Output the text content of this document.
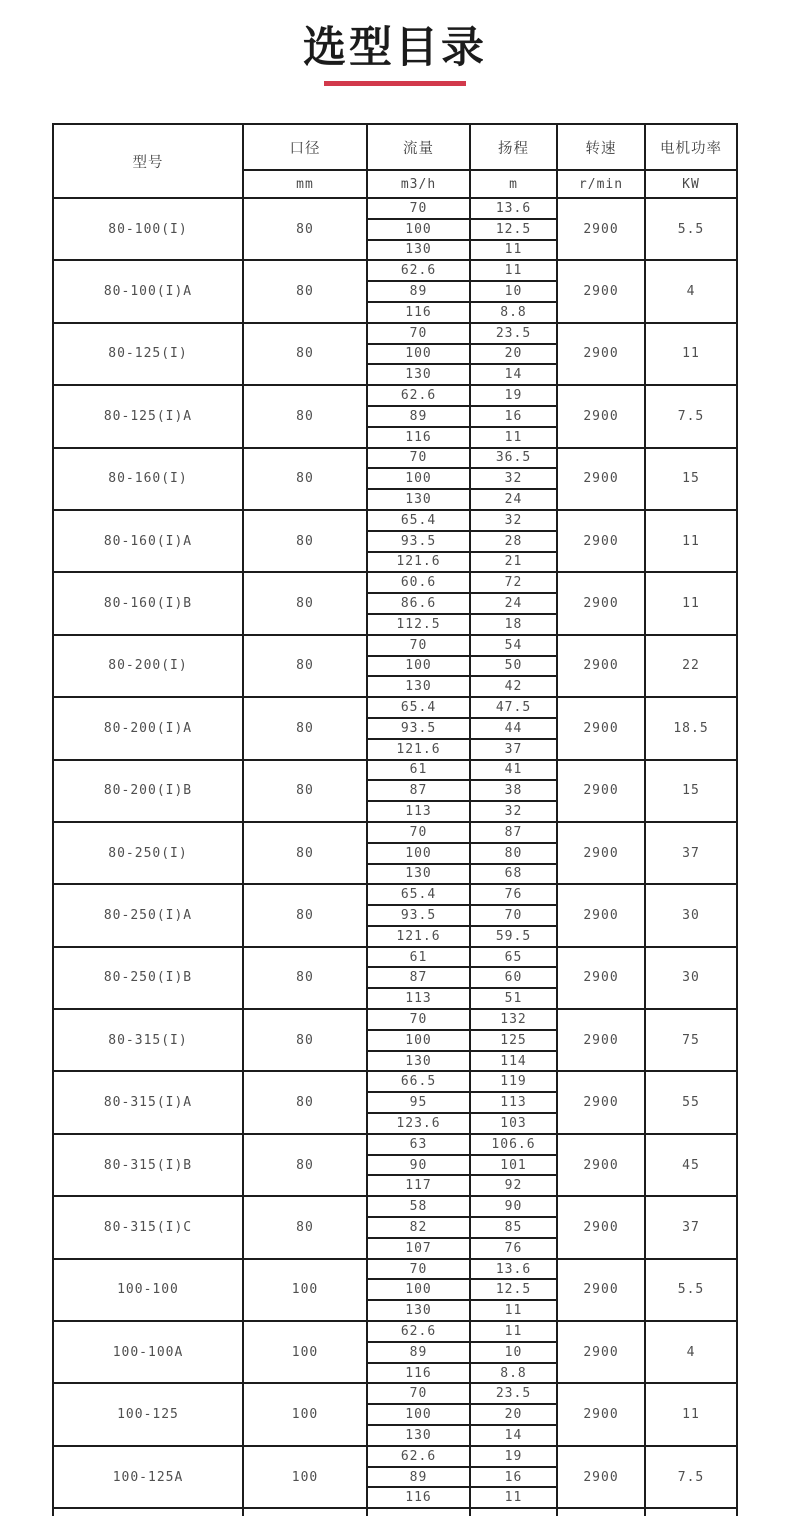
选型目录
型号	口径	流量	扬程	转速	电机功率
	mm	m3/h	m	r/min	KW
80-100(I)	80	70	13.6	2900	5.5
		100	12.5		
		130	11		
80-100(I)A	80	62.6	11	2900	4
		89	10		
		116	8.8		
80-125(I)	80	70	23.5	2900	11
		100	20		
		130	14		
80-125(I)A	80	62.6	19	2900	7.5
		89	16		
		116	11		
80-160(I)	80	70	36.5	2900	15
		100	32		
		130	24		
80-160(I)A	80	65.4	32	2900	11
		93.5	28		
		121.6	21		
80-160(I)B	80	60.6	72	2900	11
		86.6	24		
		112.5	18		
80-200(I)	80	70	54	2900	22
		100	50		
		130	42		
80-200(I)A	80	65.4	47.5	2900	18.5
		93.5	44		
		121.6	37		
80-200(I)B	80	61	41	2900	15
		87	38		
		113	32		
80-250(I)	80	70	87	2900	37
		100	80		
		130	68		
80-250(I)A	80	65.4	76	2900	30
		93.5	70		
		121.6	59.5		
80-250(I)B	80	61	65	2900	30
		87	60		
		113	51		
80-315(I)	80	70	132	2900	75
		100	125		
		130	114		
80-315(I)A	80	66.5	119	2900	55
		95	113		
		123.6	103		
80-315(I)B	80	63	106.6	2900	45
		90	101		
		117	92		
80-315(I)C	80	58	90	2900	37
		82	85		
		107	76		
100-100	100	70	13.6	2900	5.5
		100	12.5		
		130	11		
100-100A	100	62.6	11	2900	4
		89	10		
		116	8.8		
100-125	100	70	23.5	2900	11
		100	20		
		130	14		
100-125A	100	62.6	19	2900	7.5
		89	16		
		116	11		
